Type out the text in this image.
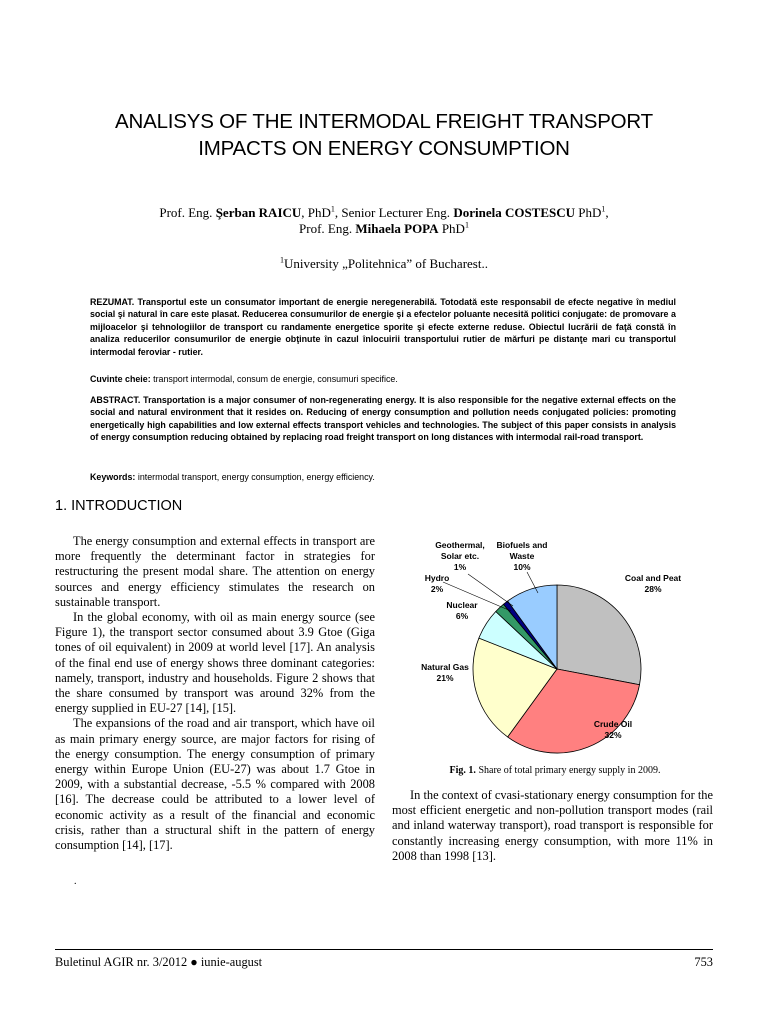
ANALISYS OF THE INTERMODAL FREIGHT TRANSPORT
IMPACTS ON ENERGY CONSUMPTION
Prof. Eng. Şerban RAICU, PhD$^1$, Senior Lecturer Eng. Dorinela COSTESCU PhD$^1$,
Prof. Eng. Mihaela POPA PhD$^1$
$^1$University „Politehnica” of Bucharest..
REZUMAT. Transportul este un consumator important de energie neregenerabilă. Totodată este responsabil de efecte negative în mediul social şi natural în care este plasat. Reducerea consumurilor de energie şi a efectelor poluante necesită politici conjugate: de promovare a mijloacelor şi tehnologiilor de transport cu randamente energetice sporite şi efecte externe reduse. Obiectul lucrării de faţă constă în analiza reducerilor consumurilor de energie obţinute în cazul înlocuirii transportului rutier de mărfuri pe distanţe mari cu transportul intermodal feroviar - rutier.
Cuvinte cheie: transport intermodal, consum de energie, consumuri specifice.
ABSTRACT. Transportation is a major consumer of non-regenerating energy. It is also responsible for the negative external effects on the social and natural environment that it resides on. Reducing of energy consumption and pollution needs conjugated policies: promoting energetically high capabilities and low external effects transport vehicles and technologies. The subject of this paper consists in analysis of energy consumption reducing obtained by replacing road freight transport on long distances with intermodal rail-road transport.
Keywords: intermodal transport, energy consumption, energy efficiency.
1. INTRODUCTION

The energy consumption and external effects in transport are more frequently the determinant factor in strategies for restructuring the present modal share. The attention on energy sources and energy efficiency stimulates the research on sustainable transport.

In the global economy, with oil as main energy source (see Figure 1), the transport sector consumed about 3.9 Gtoe (Giga tones of oil equivalent) in 2009 at world level [17]. An analysis of the final end use of energy shows three dominant categories: namely, transport, industry and households. Figure 2 shows that the share consumed by transport was around 32% from the energy supplied in EU-27 [14], [15].

The expansions of the road and air transport, which have oil as main primary energy source, are major factors for rising of the energy consumption. The energy consumption of primary energy within Europe Union (EU-27) was about 1.7 Gtoe in 2009, with a substantial decrease, -5.5 % compared with 2008 [16]. The decrease could be attributed to a lower level of economic activity as a result of the financial and economic crisis, rather than a structural shift in the pattern of energy consumption [14], [17].

.
Coal and Peat 28%
Crude Oil 32%
Natural Gas 21%
Nuclear 6%
Hydro 2%
Geothermal, Solar etc. 1%
Biofuels and Waste 10%
Fig. 1. Share of total primary energy supply in 2009.

In the context of cvasi-stationary energy consumption for the most efficient energetic and non-pollution transport modes (rail and inland waterway transport), road transport is responsible for constantly increasing energy consumption, with more 11% in 2008 than 1998 [13].

Buletinul AGIR nr. 3/2012 ● iunie-august	753
